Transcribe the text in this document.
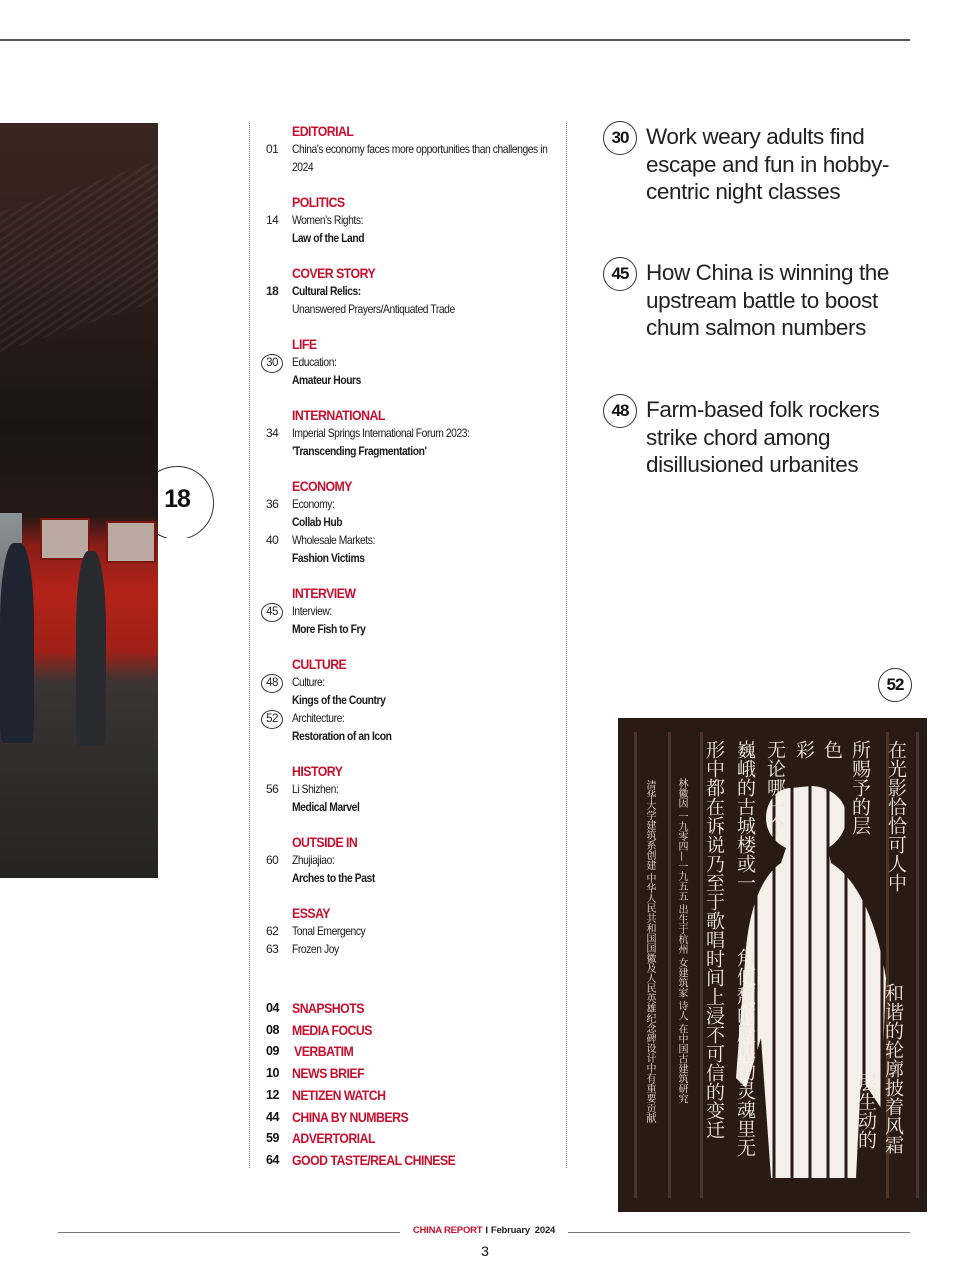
18
EDITORIAL
01	China's economy faces more opportunities than challenges in 2024
POLITICS
14	Women's Rights:
Law of the Land
COVER STORY
18	Cultural Relics:
Unanswered Prayers/Antiquated Trade
LIFE
30	Education:
Amateur Hours
INTERNATIONAL
34	Imperial Springs International Forum 2023:
'Transcending Fragmentation'
ECONOMY
36	Economy:
Collab Hub
40	Wholesale Markets:
Fashion Victims
INTERVIEW
45	Interview:
More Fish to Fry
CULTURE
48	Culture:
Kings of the Country
52	Architecture:
Restoration of an Icon
HISTORY
56	Li Shizhen:
Medical Marvel
OUTSIDE IN
60	Zhujiajiao:
Arches to the Past
ESSAY
62	Tonal Emergency
63	Frozen Joy
04 SNAPSHOTS
08 MEDIA FOCUS
09	VERBATIM
10 NEWS BRIEF
12 NETIZEN WATCH
44 CHINA BY NUMBERS
59 ADVERTORIAL
64 GOOD TASTE/REAL CHINESE
30 Work weary adults find
escape and fun in hobby-
centric night classes
45 How China is winning the
upstream battle to boost
chum salmon numbers
48 Farm-based folk rockers
strike chord among
disillusioned urbanites
52
在光影恰恰可人中
所赐予的层
色
彩
无论哪一个
巍峨的古城楼或一
形中都在诉说乃至于歌唱时间上浸不可信的变迁 角倾颓的殿基的灵魂里无	和谐的轮廓披着风霜
层生动的
林徽因 一九零四—一九五五 出生于杭州 女建筑家 诗人 在中国古建筑研究
清华大学建筑系创建 中华人民共和国国徽及人民英雄纪念碑设计中有重要贡献
CHINA REPORT I February  2024
3
